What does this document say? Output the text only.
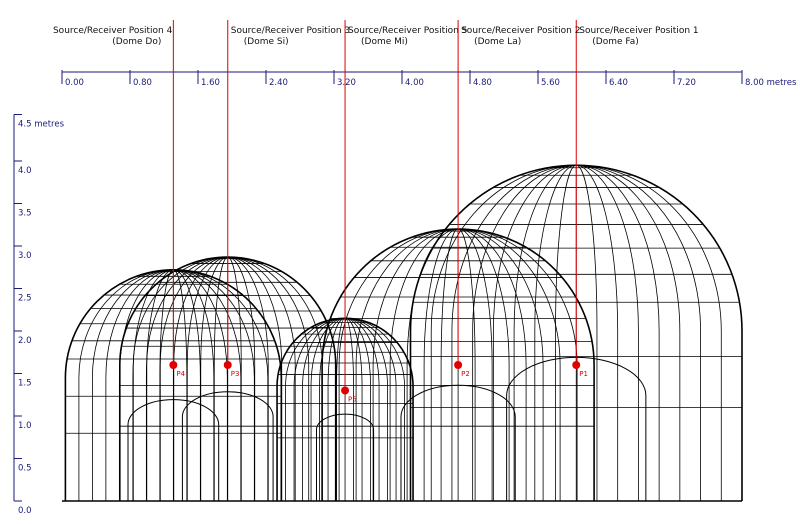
0.00	0.80	1.60	2.40	3.20	4.00	4.80	5.60	6.40	7.20	8.00 metres
0.0
0.5
1.0
1.5
2.0
2.5
3.0
3.5
4.0
4.5 metres
P4	P3
P5
P2	P1
Source/Receiver Position 4
(Dome Do)
Source/Receiver Position 3
(Dome Si)
Source/Receiver Position 5
(Dome Mi)
Source/Receiver Position 2
(Dome La)
Source/Receiver Position 1
(Dome Fa)
